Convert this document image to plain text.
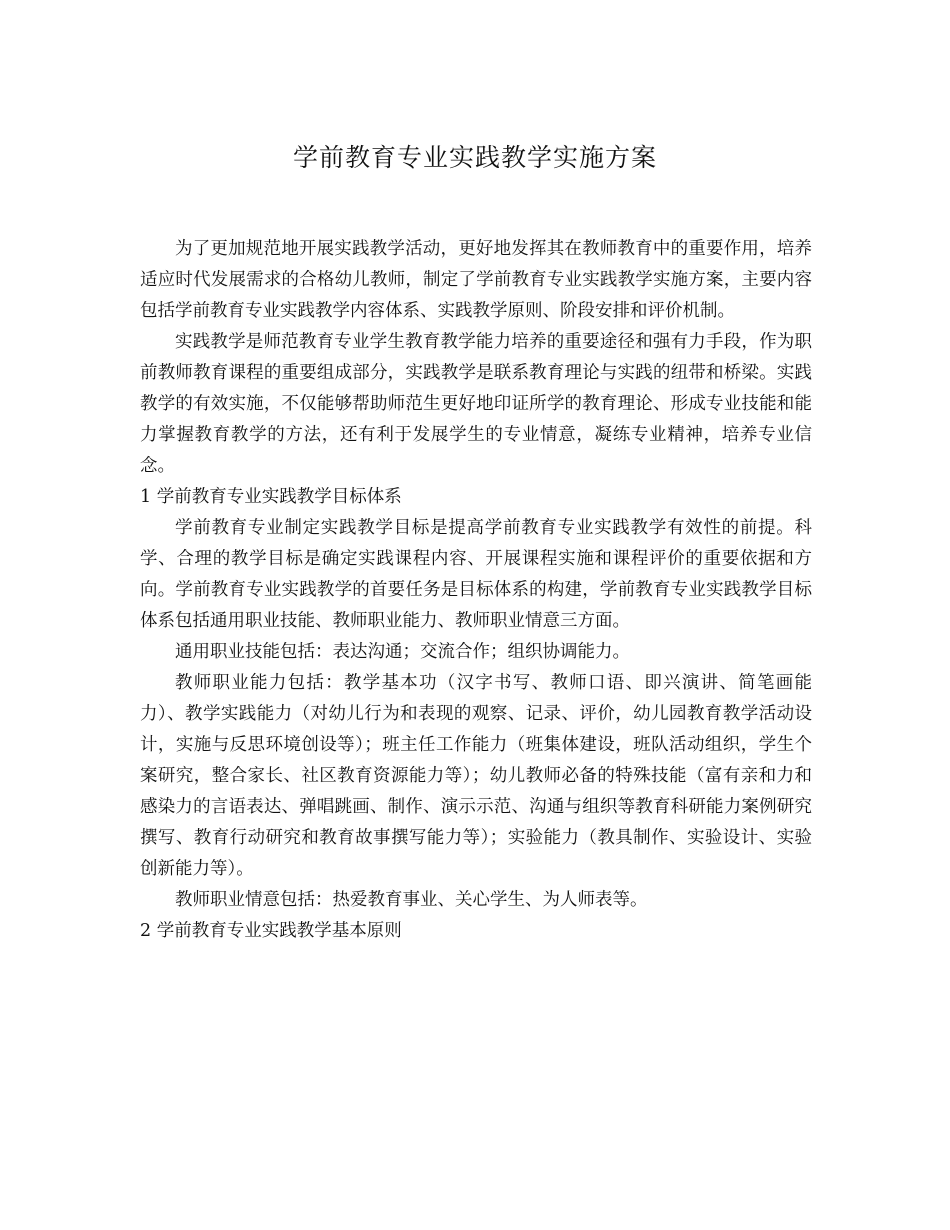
学前教育专业实践教学实施方案

为了更加规范地开展实践教学活动，更好地发挥其在教师教育中的重要作用，培养适应时代发展需求的合格幼儿教师，制定了学前教育专业实践教学实施方案，主要内容包括学前教育专业实践教学内容体系、实践教学原则、阶段安排和评价机制。

实践教学是师范教育专业学生教育教学能力培养的重要途径和强有力手段，作为职前教师教育课程的重要组成部分，实践教学是联系教育理论与实践的纽带和桥梁。实践教学的有效实施，不仅能够帮助师范生更好地印证所学的教育理论、形成专业技能和能力掌握教育教学的方法，还有利于发展学生的专业情意，凝练专业精神，培养专业信念。

1 学前教育专业实践教学目标体系

学前教育专业制定实践教学目标是提高学前教育专业实践教学有效性的前提。科学、合理的教学目标是确定实践课程内容、开展课程实施和课程评价的重要依据和方向。学前教育专业实践教学的首要任务是目标体系的构建，学前教育专业实践教学目标体系包括通用职业技能、教师职业能力、教师职业情意三方面。

通用职业技能包括：表达沟通；交流合作；组织协调能力。

教师职业能力包括：教学基本功（汉字书写、教师口语、即兴演讲、简笔画能力）、教学实践能力（对幼儿行为和表现的观察、记录、评价，幼儿园教育教学活动设计，实施与反思环境创设等）；班主任工作能力（班集体建设，班队活动组织，学生个案研究，整合家长、社区教育资源能力等）；幼儿教师必备的特殊技能（富有亲和力和感染力的言语表达、弹唱跳画、制作、演示示范、沟通与组织等教育科研能力案例研究撰写、教育行动研究和教育故事撰写能力等）；实验能力（教具制作、实验设计、实验创新能力等）。

教师职业情意包括：热爱教育事业、关心学生、为人师表等。

2 学前教育专业实践教学基本原则
